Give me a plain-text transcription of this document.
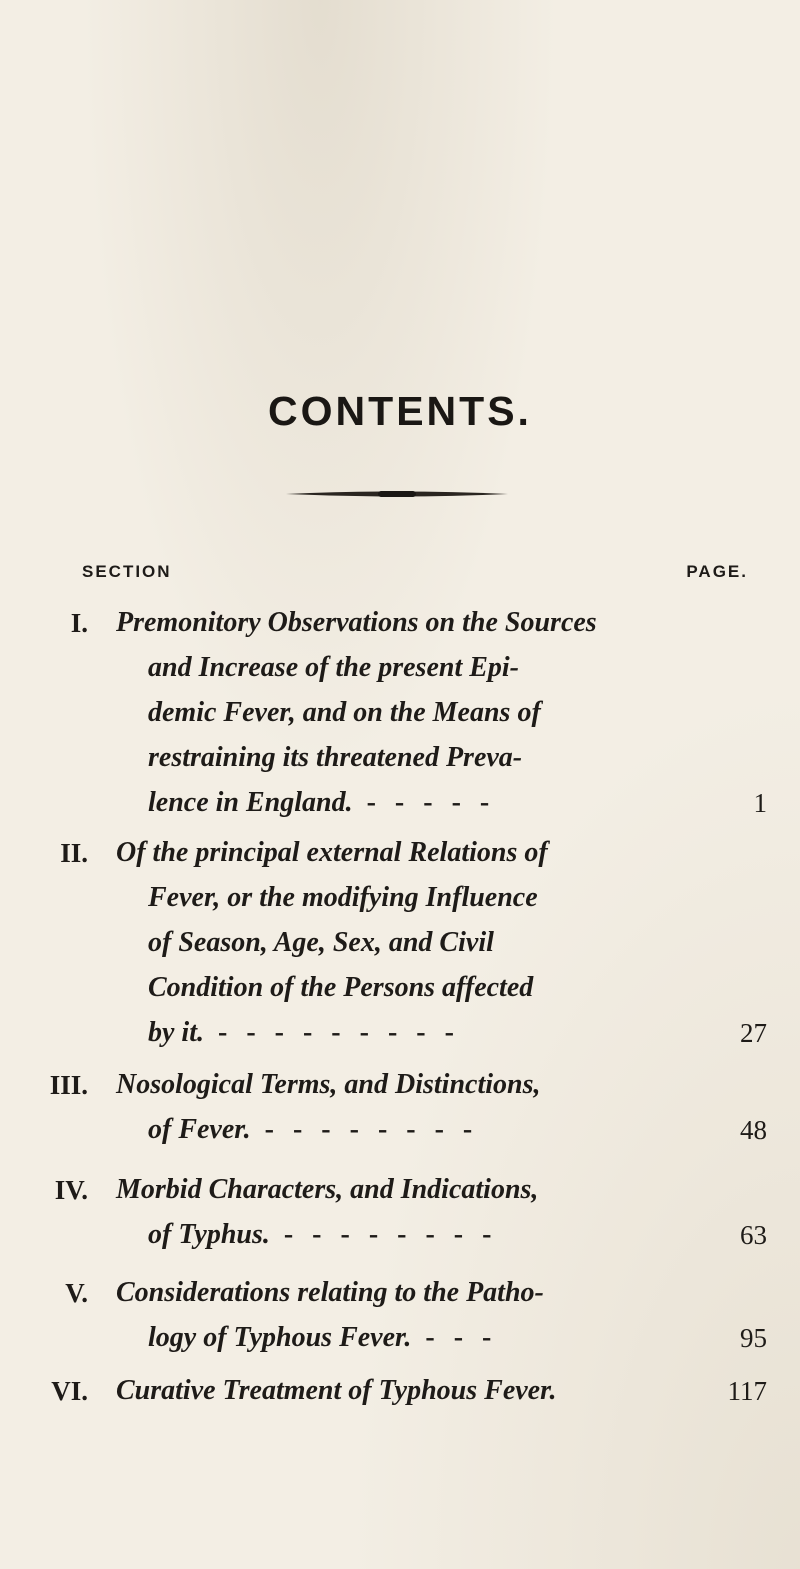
CONTENTS.
SECTION	PAGE.
I. Premonitory Observations on the Sources
and Increase of the present Epi-
demic Fever, and on the Means of
restraining its threatened Preva-
lence in England. - - - - -	1
II. Of the principal external Relations of
Fever, or the modifying Influence
of Season, Age, Sex, and Civil
Condition of the Persons affected
by it. - - - - - - - - -	27
III. Nosological Terms, and Distinctions,
of Fever. - - - - - - - -	48
IV. Morbid Characters, and Indications,
of Typhus. - - - - - - - -	63
V. Considerations relating to the Patho-
logy of Typhous Fever. - - -	95
VI. Curative Treatment of Typhous Fever.	117
